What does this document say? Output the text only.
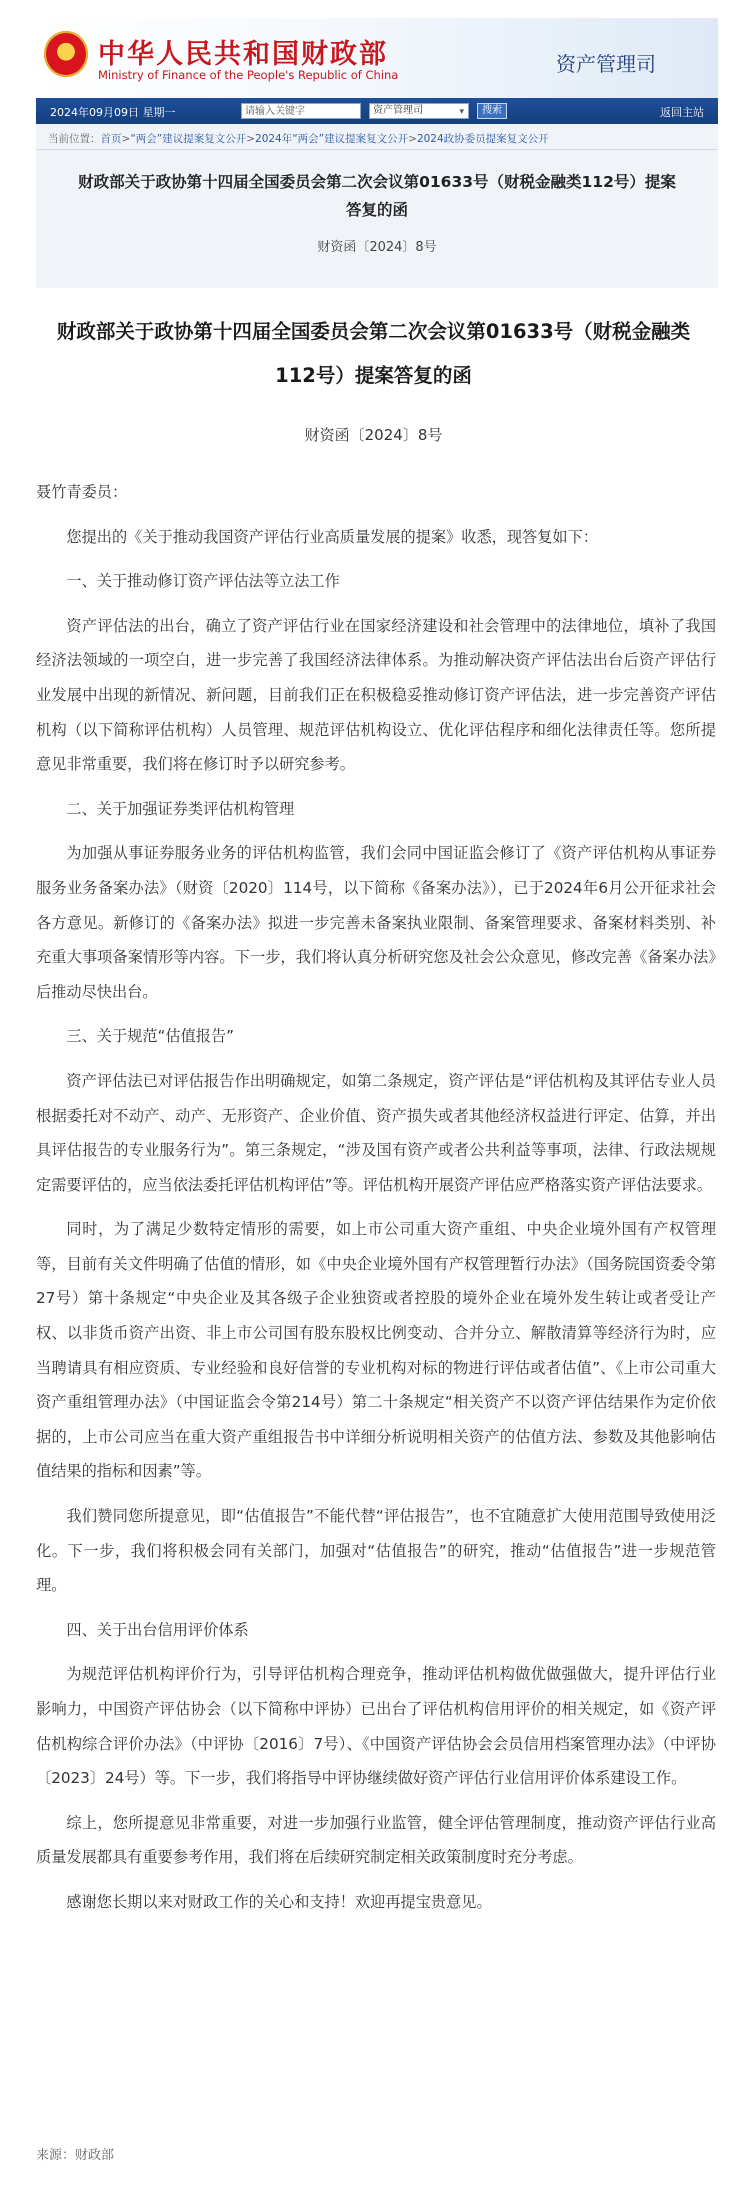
中华人民共和国财政部
Ministry of Finance of the People's Republic of China	资产管理司
2024年09月09日 星期一	请输入关键字	资产管理司	▾	搜索	返回主站
当前位置：首页>“两会”建议提案复文公开>2024年“两会”建议提案复文公开>2024政协委员提案复文公开
财政部关于政协第十四届全国委员会第二次会议第01633号（财税金融类112号）提案答复的函
财资函〔2024〕8号
财政部关于政协第十四届全国委员会第二次会议第01633号（财税金融类
112号）提案答复的函
财资函〔2024〕8号

聂竹青委员：

您提出的《关于推动我国资产评估行业高质量发展的提案》收悉，现答复如下：

一、关于推动修订资产评估法等立法工作

资产评估法的出台，确立了资产评估行业在国家经济建设和社会管理中的法律地位，填补了我国经济法领域的一项空白，进一步完善了我国经济法律体系。为推动解决资产评估法出台后资产评估行业发展中出现的新情况、新问题，目前我们正在积极稳妥推动修订资产评估法，进一步完善资产评估机构（以下简称评估机构）人员管理、规范评估机构设立、优化评估程序和细化法律责任等。您所提意见非常重要，我们将在修订时予以研究参考。

二、关于加强证券类评估机构管理

为加强从事证券服务业务的评估机构监管，我们会同中国证监会修订了《资产评估机构从事证券服务业务备案办法》（财资〔2020〕114号，以下简称《备案办法》），已于2024年6月公开征求社会各方意见。新修订的《备案办法》拟进一步完善未备案执业限制、备案管理要求、备案材料类别、补充重大事项备案情形等内容。下一步，我们将认真分析研究您及社会公众意见，修改完善《备案办法》后推动尽快出台。

三、关于规范“估值报告”

资产评估法已对评估报告作出明确规定，如第二条规定，资产评估是“评估机构及其评估专业人员根据委托对不动产、动产、无形资产、企业价值、资产损失或者其他经济权益进行评定、估算，并出具评估报告的专业服务行为”。第三条规定，“涉及国有资产或者公共利益等事项，法律、行政法规规定需要评估的，应当依法委托评估机构评估”等。评估机构开展资产评估应严格落实资产评估法要求。

同时，为了满足少数特定情形的需要，如上市公司重大资产重组、中央企业境外国有产权管理等，目前有关文件明确了估值的情形，如《中央企业境外国有产权管理暂行办法》（国务院国资委令第27号）第十条规定“中央企业及其各级子企业独资或者控股的境外企业在境外发生转让或者受让产权、以非货币资产出资、非上市公司国有股东股权比例变动、合并分立、解散清算等经济行为时，应当聘请具有相应资质、专业经验和良好信誉的专业机构对标的物进行评估或者估值”、《上市公司重大资产重组管理办法》（中国证监会令第214号）第二十条规定“相关资产不以资产评估结果作为定价依据的，上市公司应当在重大资产重组报告书中详细分析说明相关资产的估值方法、参数及其他影响估值结果的指标和因素”等。

我们赞同您所提意见，即“估值报告”不能代替“评估报告”，也不宜随意扩大使用范围导致使用泛化。下一步，我们将积极会同有关部门，加强对“估值报告”的研究，推动“估值报告”进一步规范管理。

四、关于出台信用评价体系

为规范评估机构评价行为，引导评估机构合理竞争，推动评估机构做优做强做大，提升评估行业影响力，中国资产评估协会（以下简称中评协）已出台了评估机构信用评价的相关规定，如《资产评估机构综合评价办法》（中评协〔2016〕7号）、《中国资产评估协会会员信用档案管理办法》（中评协〔2023〕24号）等。下一步，我们将指导中评协继续做好资产评估行业信用评价体系建设工作。

综上，您所提意见非常重要，对进一步加强行业监管，健全评估管理制度，推动资产评估行业高质量发展都具有重要参考作用，我们将在后续研究制定相关政策制度时充分考虑。

感谢您长期以来对财政工作的关心和支持！欢迎再提宝贵意见。

来源：财政部
